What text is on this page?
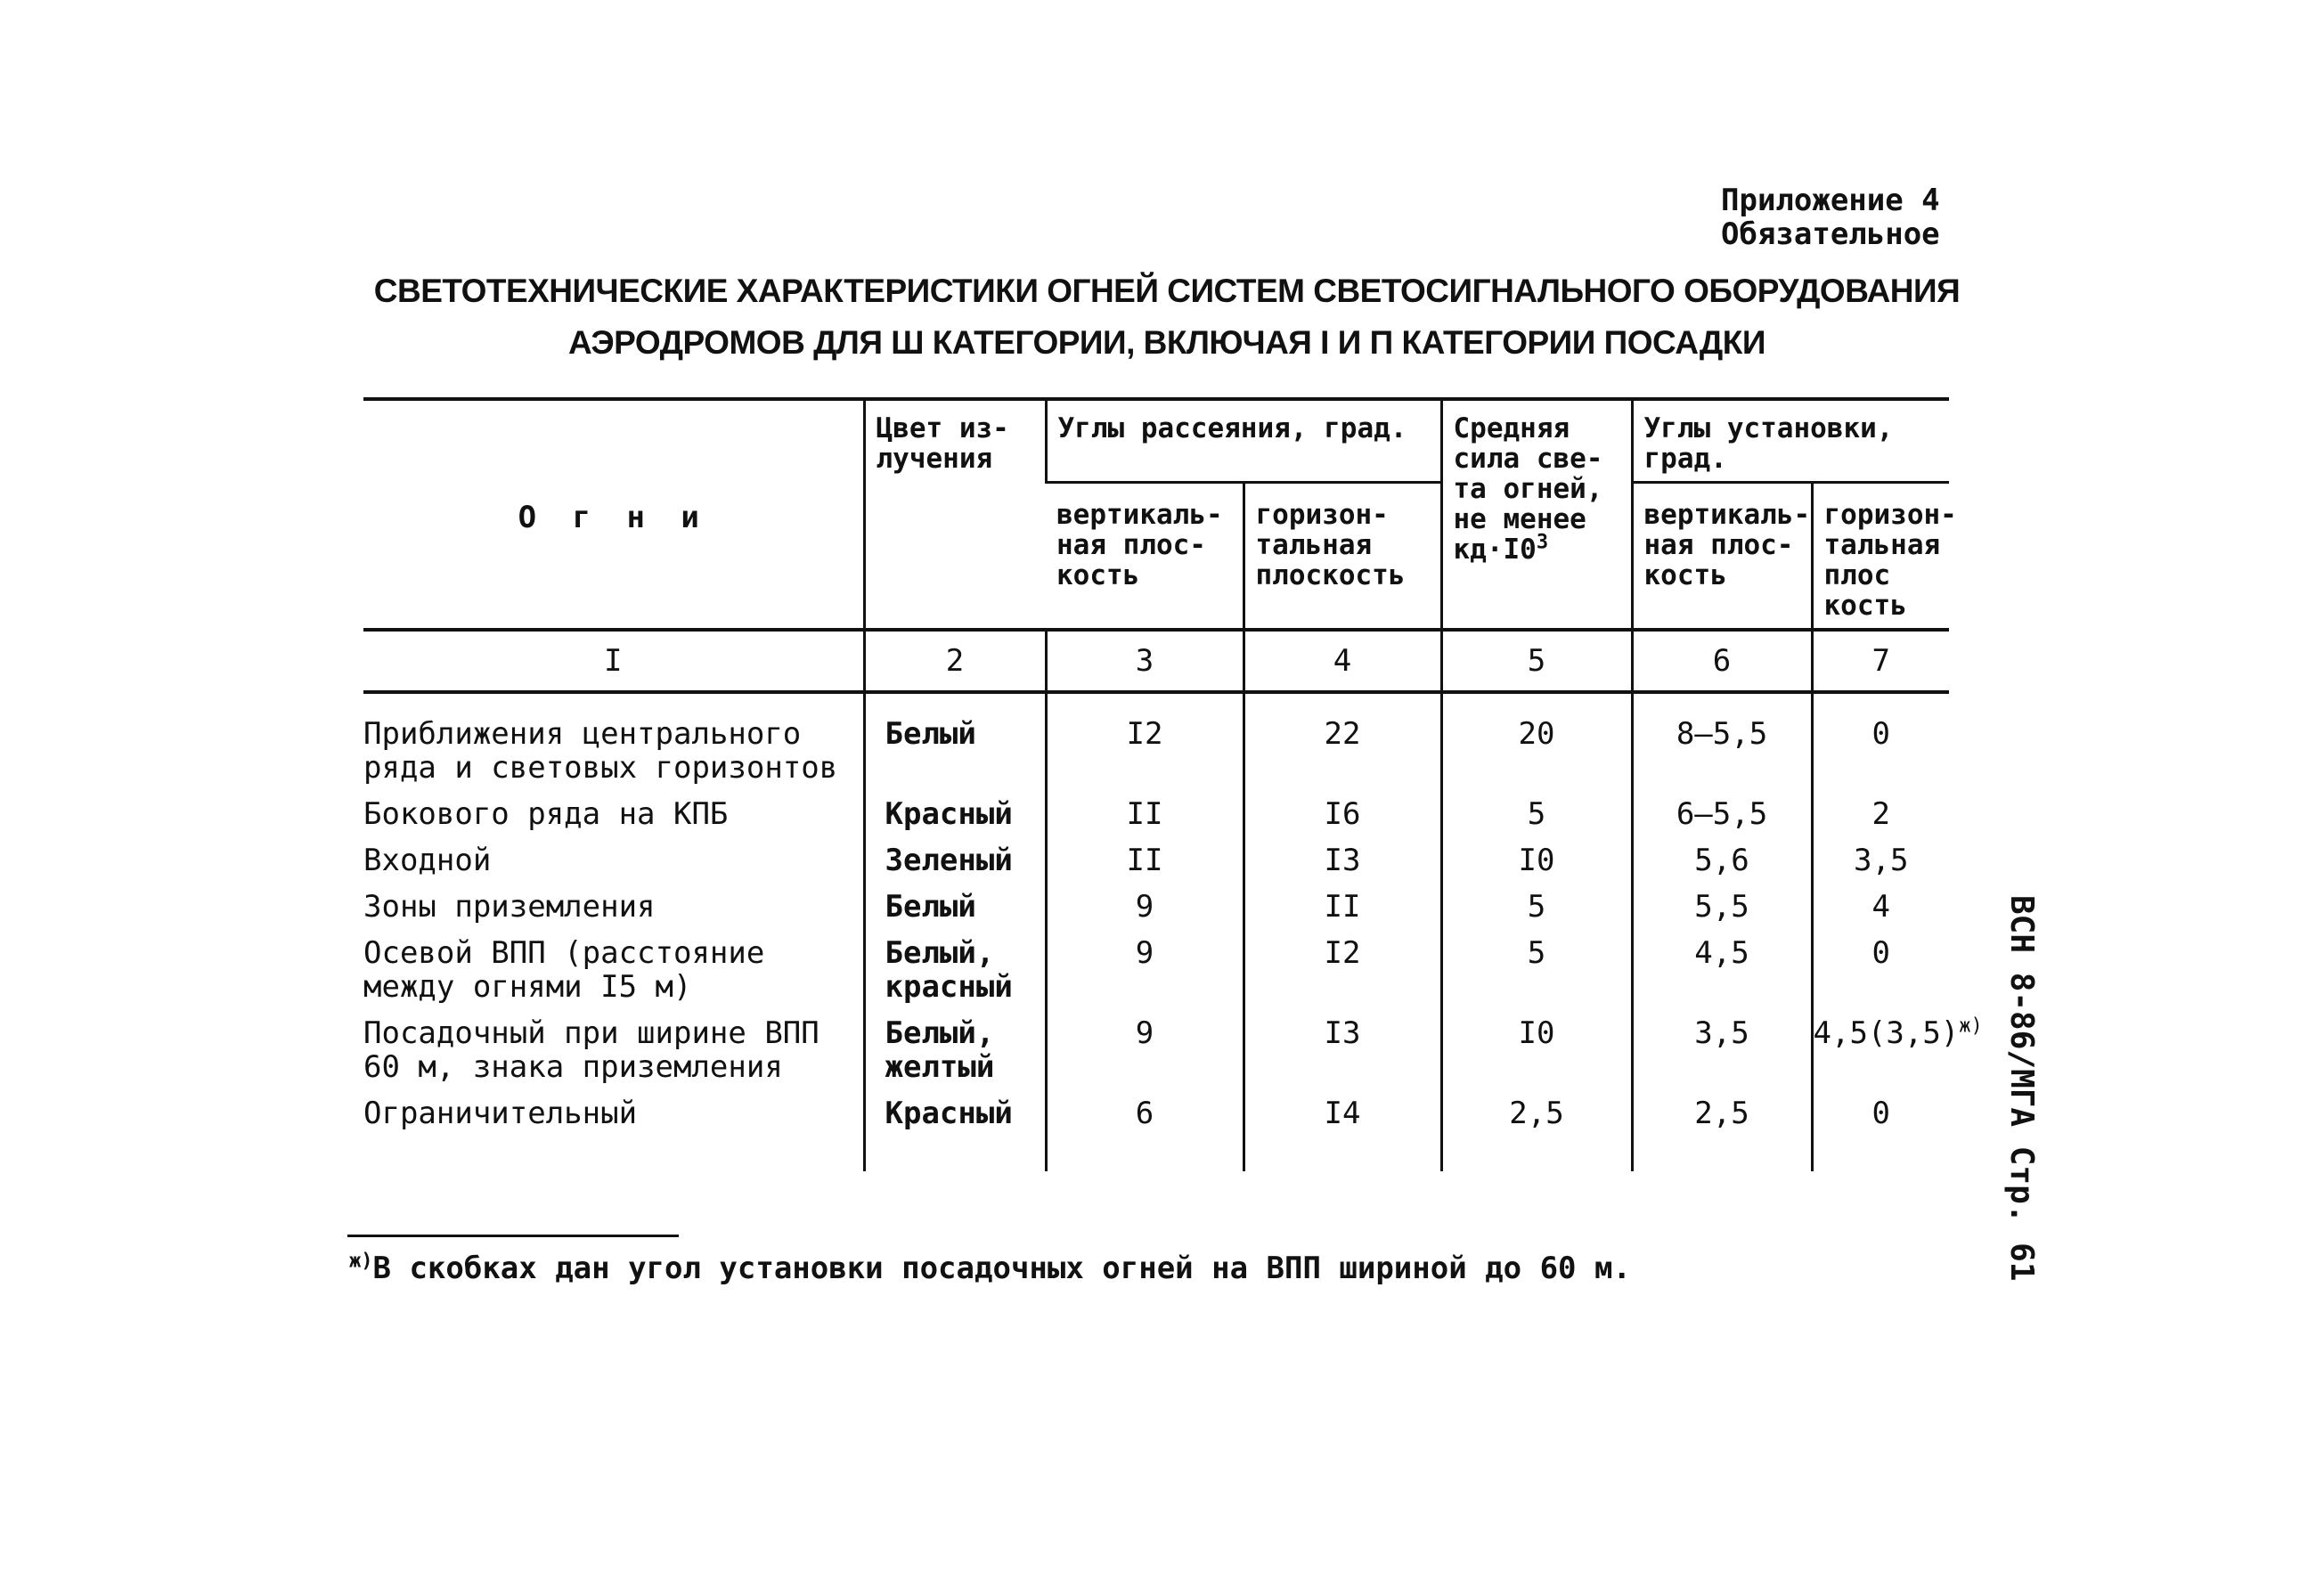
Приложение 4
Обязательное
СВЕТОТЕХНИЧЕСКИЕ ХАРАКТЕРИСТИКИ ОГНЕЙ СИСТЕМ СВЕТОСИГНАЛЬНОГО ОБОРУДОВАНИЯ
АЭРОДРОМОВ ДЛЯ Ш КАТЕГОРИИ, ВКЛЮЧАЯ I И П КАТЕГОРИИ ПОСАДКИ
О г н и	Цвет из- лучения	Углы рассеяния, град.		Средняя сила све- та огней, не менее $кд\cdot I0^3$	Углы установки, град.	
		вертикаль- ная плос- кость	горизон- тальная плоскость		вертикаль- ная плос- кость	горизон- тальная плос кость
I	2	3	4	5	6	7
Приближения центрального ряда и световых горизонтов	Белый	I2	22	20	8–5,5	0
Бокового ряда на КПБ	Красный	II	I6	5	6–5,5	2
Входной	Зеленый	II	I3	I0	5,6	3,5
Зоны приземления	Белый	9	II	5	5,5	4
Осевой ВПП (расстояние между огнями I5 м)	Белый, красный	9	I2	5	4,5	0
Посадочный при ширине ВПП 60 м, знака приземления	Белый, желтый	9	I3	I0	3,5	$4,5(3,5)^{ж)}$
Ограничительный	Красный	6	I4	2,5	2,5	0
$^{ж)}$В скобках дан угол установки посадочных огней на ВПП шириной до 60 м.	ВСН 8-86/МГА Стр. 61
